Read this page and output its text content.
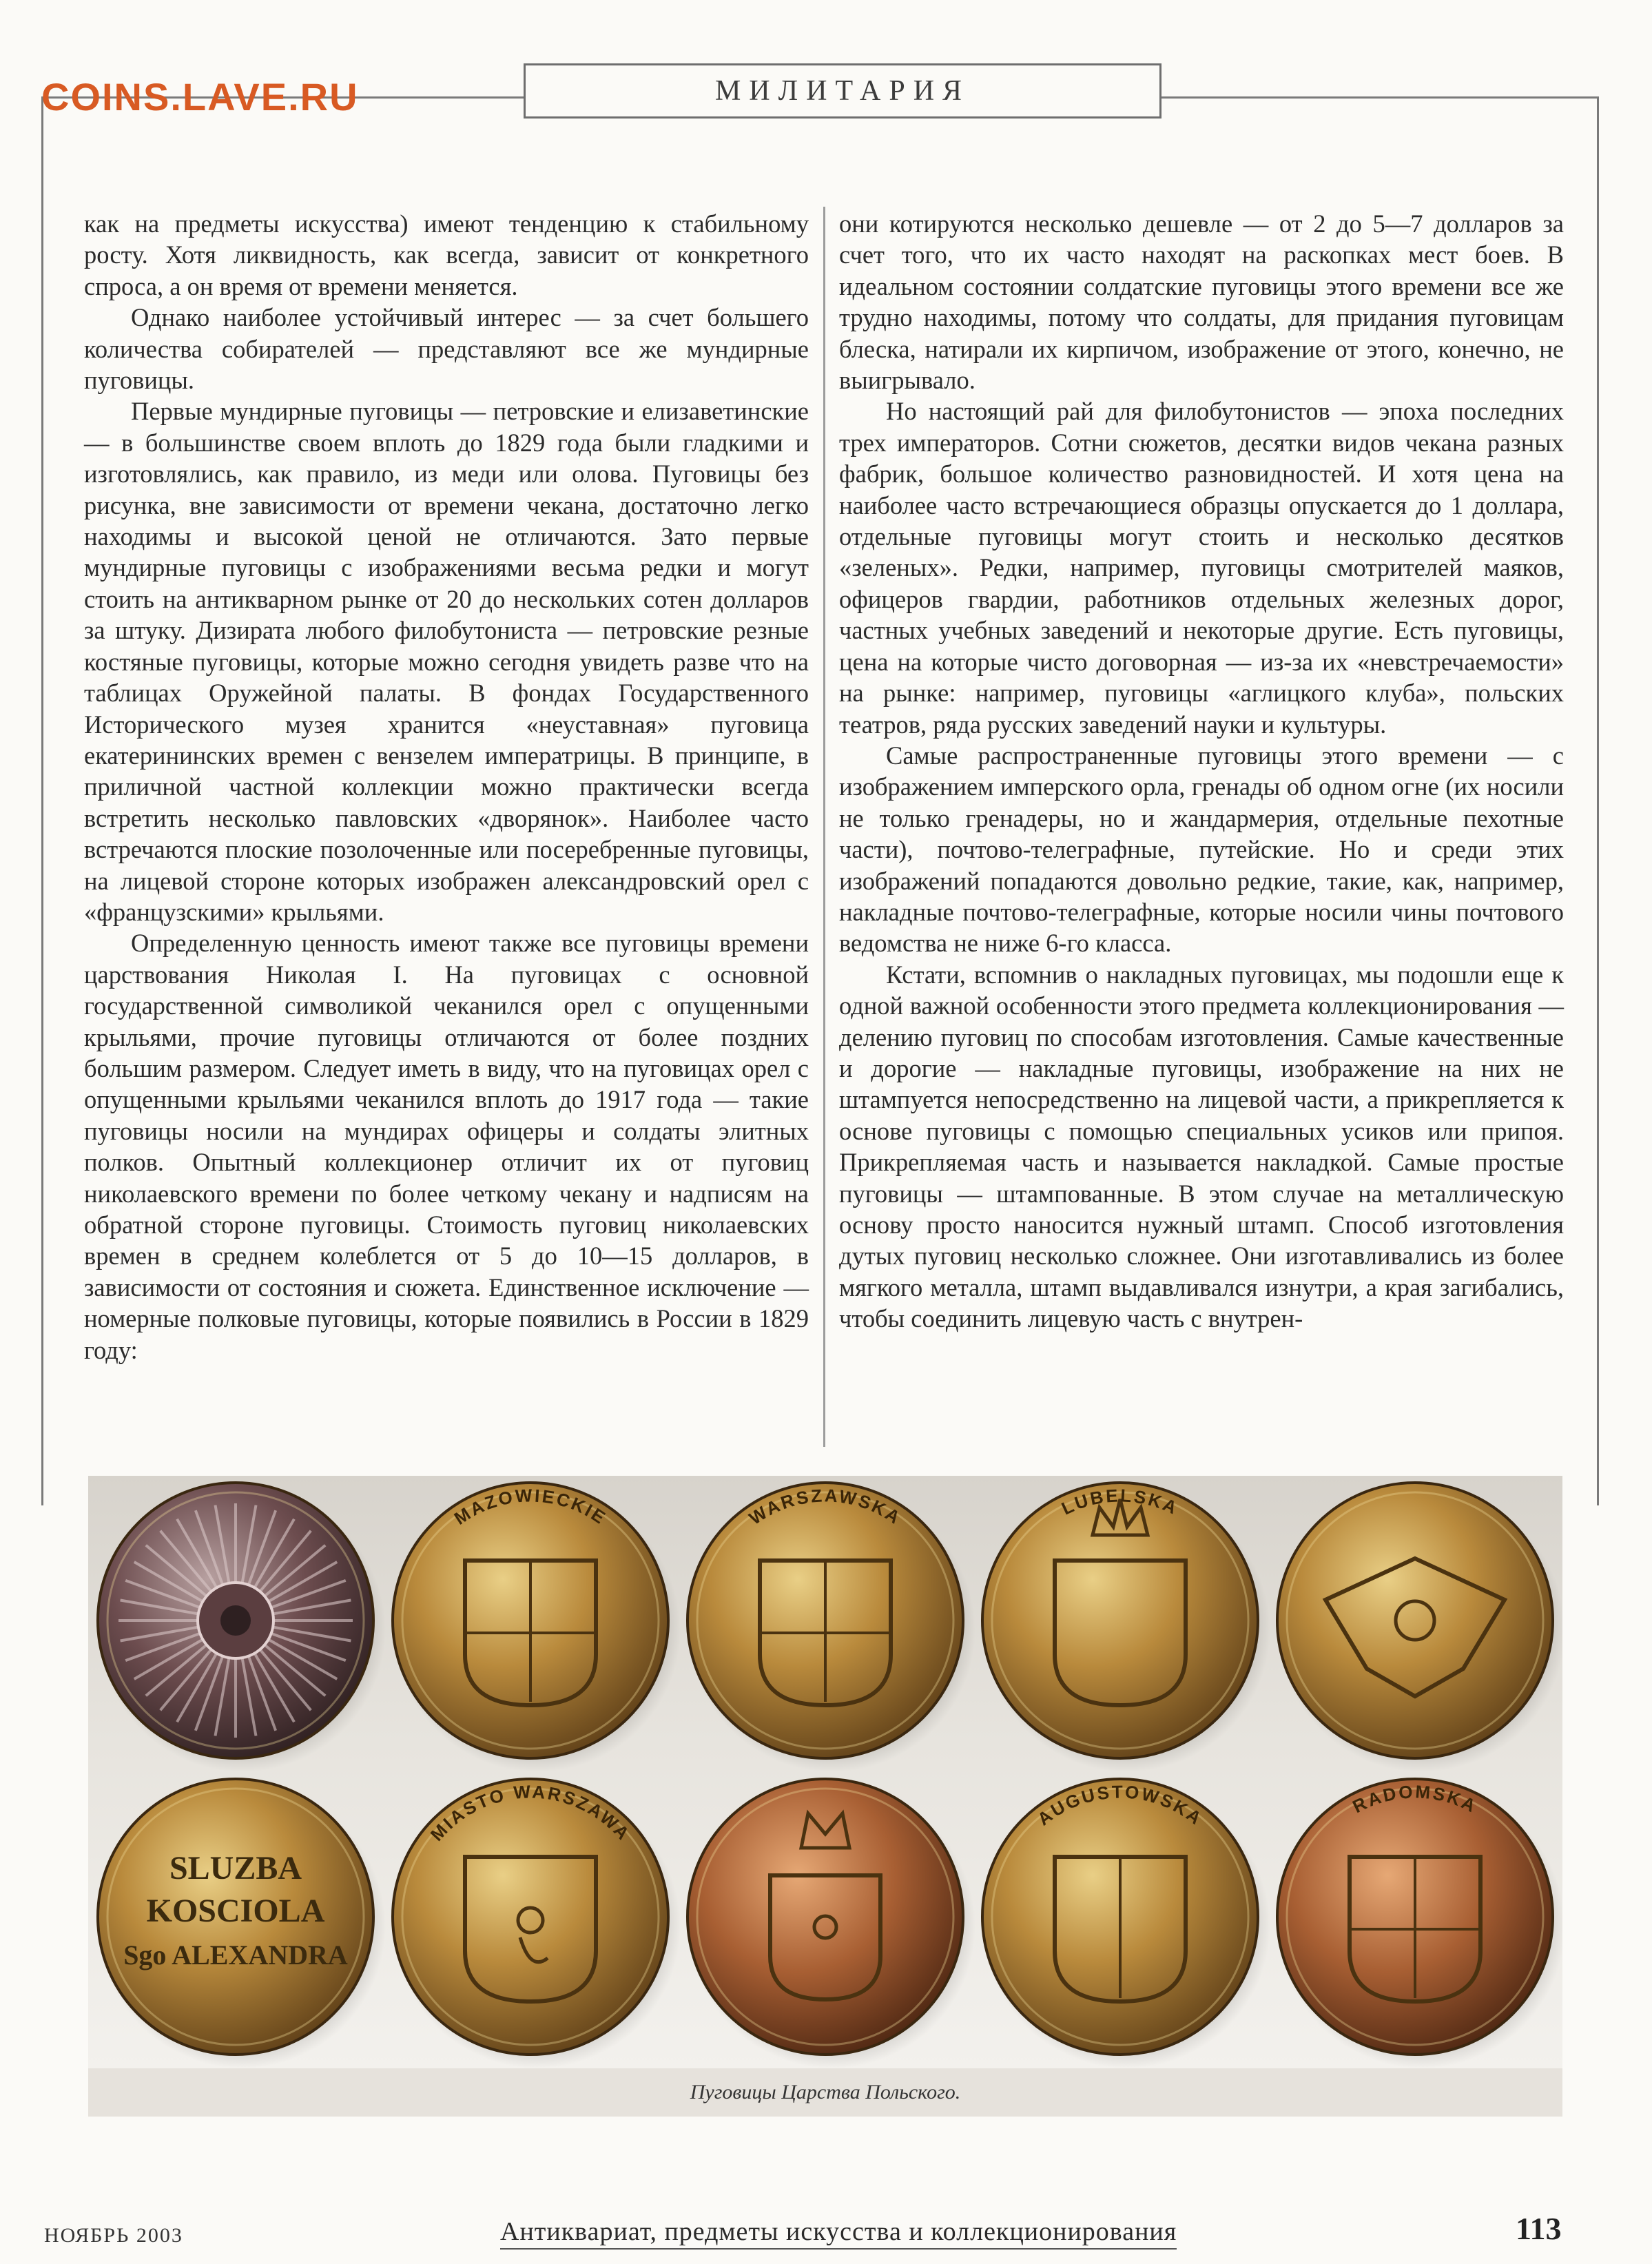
COINS.LAVE.RU	МИЛИТАРИЯ

как на предметы искусства) имеют тенденцию к стабильному росту. Хотя ликвидность, как всегда, зависит от конкретного спроса, а он время от времени меняется.

Однако наиболее устойчивый интерес — за счет большего количества собирателей — представляют все же мундирные пуговицы.

Первые мундирные пуговицы — петровские и елизаветинские — в большинстве своем вплоть до 1829 года были гладкими и изготовлялись, как правило, из меди или олова. Пуговицы без рисунка, вне зависимости от времени чекана, достаточно легко находимы и высокой ценой не отличаются. Зато первые мундирные пуговицы с изображениями весьма редки и могут стоить на антикварном рынке от 20 до нескольких сотен долларов за штуку. Дизирата любого филобутониста — петровские резные костяные пуговицы, которые можно сегодня увидеть разве что на таблицах Оружейной палаты. В фондах Государственного Исторического музея хранится «неуставная» пуговица екатерининских времен с вензелем императрицы. В принципе, в приличной частной коллекции можно практически всегда встретить несколько павловских «дворянок». Наиболее часто встречаются плоские позолоченные или посеребренные пуговицы, на лицевой стороне которых изображен александровский орел с «французскими» крыльями.

Определенную ценность имеют также все пуговицы времени царствования Николая I. На пуговицах с основной государственной символикой чеканился орел с опущенными крыльями, прочие пуговицы отличаются от более поздних большим размером. Следует иметь в виду, что на пуговицах орел с опущенными крыльями чеканился вплоть до 1917 года — такие пуговицы носили на мундирах офицеры и солдаты элитных полков. Опытный коллекционер отличит их от пуговиц николаевского времени по более четкому чекану и надписям на обратной стороне пуговицы. Стоимость пуговиц николаевских времен в среднем колеблется от 5 до 10—15 долларов, в зависимости от состояния и сюжета. Единственное исключение — номерные полковые пуговицы, которые появились в России в 1829 году:

они котируются несколько дешевле — от 2 до 5—7 долларов за счет того, что их часто находят на раскопках мест боев. В идеальном состоянии солдатские пуговицы этого времени все же трудно находимы, потому что солдаты, для придания пуговицам блеска, натирали их кирпичом, изображение от этого, конечно, не выигрывало.

Но настоящий рай для филобутонистов — эпоха последних трех императоров. Сотни сюжетов, десятки видов чекана разных фабрик, большое количество разновидностей. И хотя цена на наиболее часто встречающиеся образцы опускается до 1 доллара, отдельные пуговицы могут стоить и несколько десятков «зеленых». Редки, например, пуговицы смотрителей маяков, офицеров гвардии, работников отдельных железных дорог, частных учебных заведений и некоторые другие. Есть пуговицы, цена на которые чисто договорная — из-за их «невстречаемости» на рынке: например, пуговицы «аглицкого клуба», польских театров, ряда русских заведений науки и культуры.

Самые распространенные пуговицы этого времени — с изображением имперского орла, гренады об одном огне (их носили не только гренадеры, но и жандармерия, отдельные пехотные части), почтово-телеграфные, путейские. Но и среди этих изображений попадаются довольно редкие, такие, как, например, накладные почтово-телеграфные, которые носили чины почтового ведомства не ниже 6-го класса.

Кстати, вспомнив о накладных пуговицах, мы подошли еще к одной важной особенности этого предмета коллекционирования — делению пуговиц по способам изготовления. Самые качественные и дорогие — накладные пуговицы, изображение на них не штампуется непосредственно на лицевой части, а прикрепляется к основе пуговицы с помощью специальных усиков или припоя. Прикрепляемая часть и называется накладкой. Самые простые пуговицы — штампованные. В этом случае на металлическую основу просто наносится нужный штамп. Способ изготовления дутых пуговиц несколько сложнее. Они изготавливались из более мягкого металла, штамп выдавливался изнутри, а края загибались, чтобы соединить лицевую часть с внутрен-

MAZOWIECKIE	WARSZAWSKA	LUBELSKA
SLUZBA
KOSCIOLA
Sgo ALEXANDRA
MIASTO WARSZAWA
AUGUSTOWSKA	RADOMSKA
Пуговицы Царства Польского.
НОЯБРЬ 2003	Антиквариат, предметы искусства и коллекционирования	113
